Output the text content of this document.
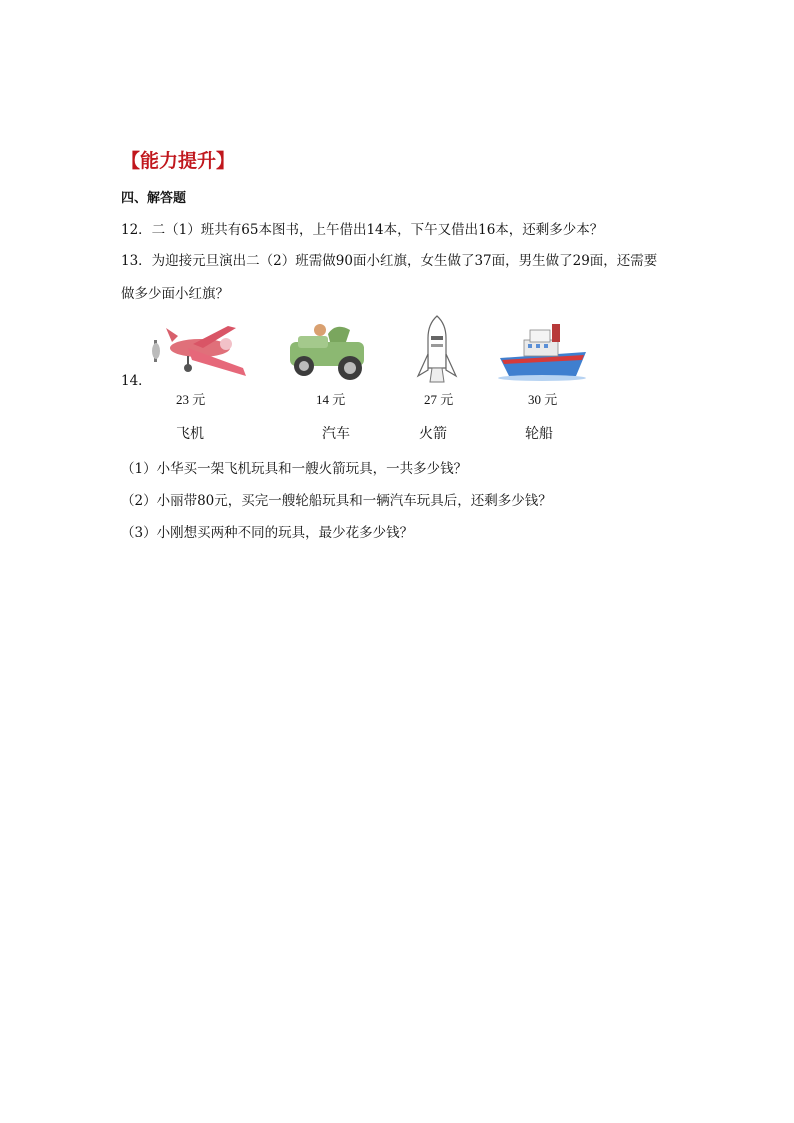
【能力提升】
四、解答题
12．二（1）班共有65本图书，上午借出14本，下午又借出16本，还剩多少本？
13．为迎接元旦演出二（2）班需做90面小红旗，女生做了37面，男生做了29面，还需要
做多少面小红旗？
14．
23 元	14 元	27 元	30 元
飞机	汽车	火箭	轮船
（1）小华买一架飞机玩具和一艘火箭玩具，一共多少钱？
（2）小丽带80元，买完一艘轮船玩具和一辆汽车玩具后，还剩多少钱？
（3）小刚想买两种不同的玩具，最少花多少钱？
